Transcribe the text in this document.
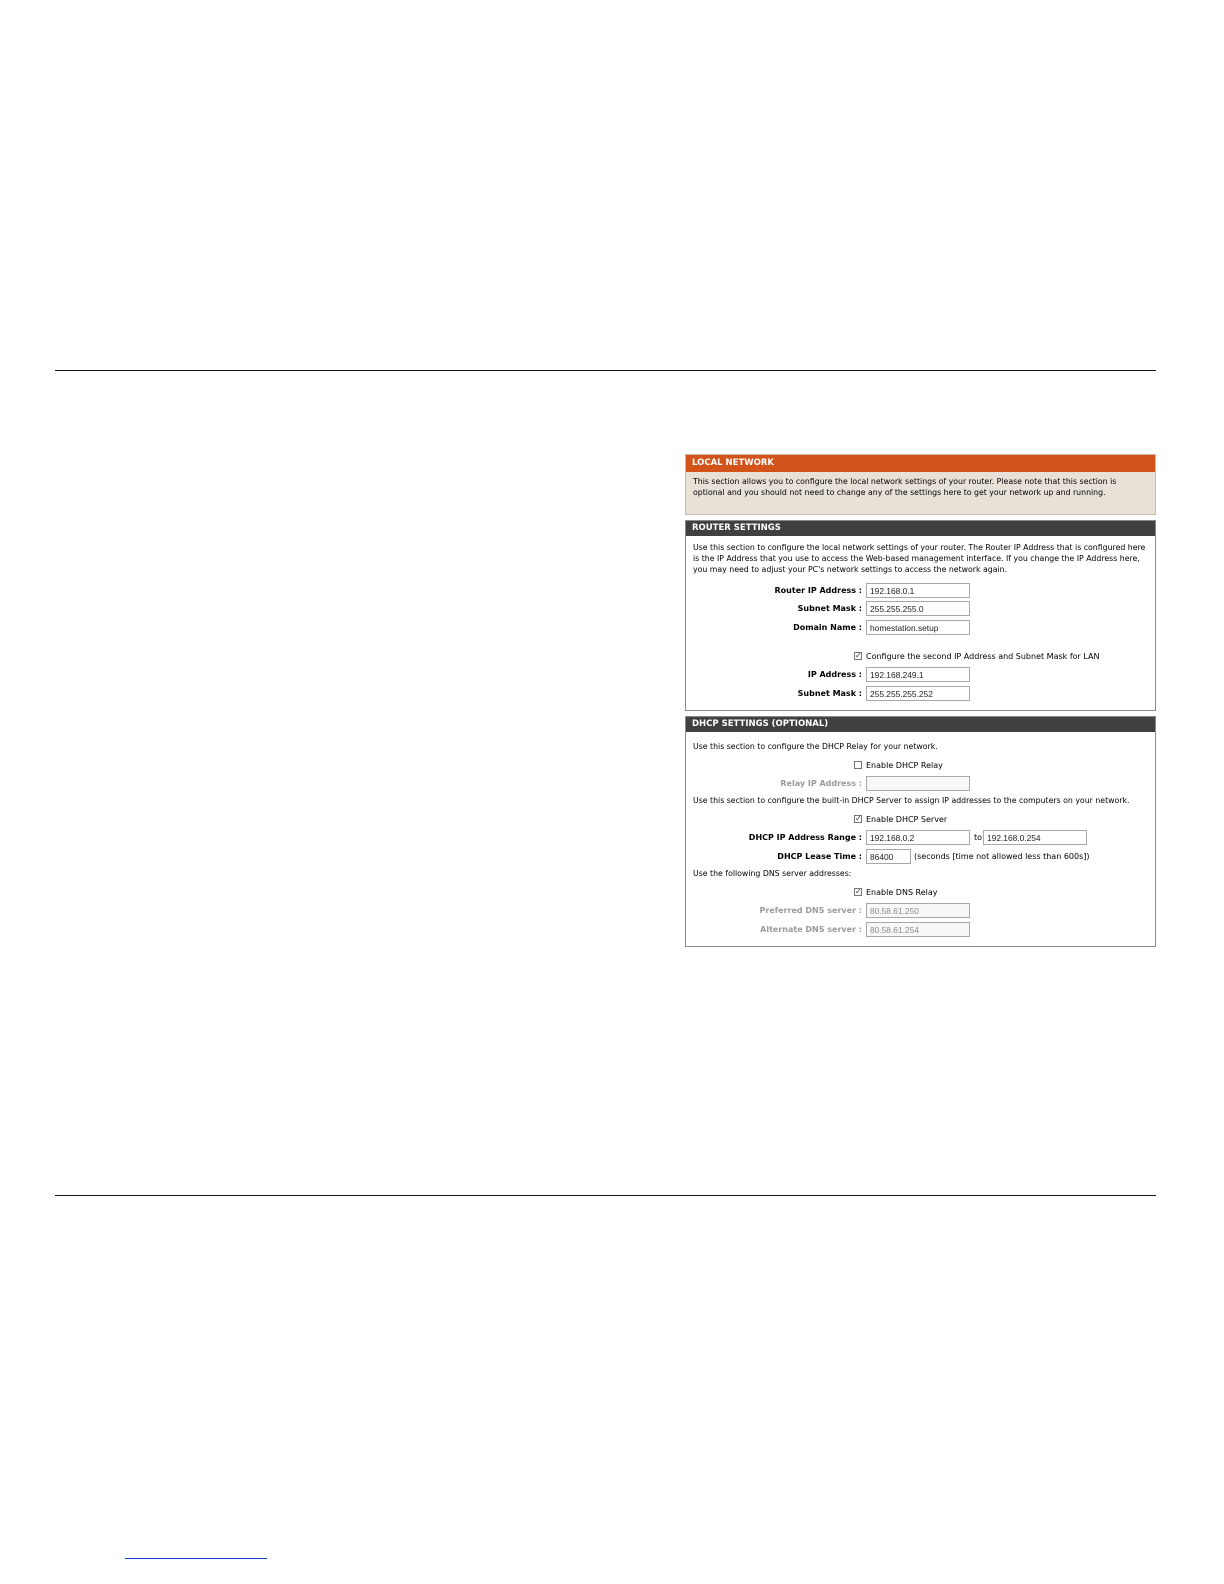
LOCAL NETWORK
This section allows you to configure the local network settings of your router. Please note that this section is optional and you should not need to change any of the settings here to get your network up and running.
ROUTER SETTINGS
Use this section to configure the local network settings of your router. The Router IP Address that is configured here is the IP Address that you use to access the Web-based management interface. If you change the IP Address here, you may need to adjust your PC's network settings to access the network again.
Router IP Address :
192.168.0.1
Subnet Mask :
255.255.255.0
Domain Name :
homestation.setup
✓ Configure the second IP Address and Subnet Mask for LAN
IP Address :
192.168.249.1
Subnet Mask :
255.255.255.252
DHCP SETTINGS (OPTIONAL)
Use this section to configure the DHCP Relay for your network.
Enable DHCP Relay
Relay IP Address :
Use this section to configure the built-in DHCP Server to assign IP addresses to the computers on your network.
✓ Enable DHCP Server
DHCP IP Address Range :
192.168.0.2	to
192.168.0.254
DHCP Lease Time :
86400	(seconds [time not allowed less than 600s])
Use the following DNS server addresses:
✓ Enable DNS Relay
Preferred DNS server :
80.58.61.250
Alternate DNS server :
80.58.61.254
